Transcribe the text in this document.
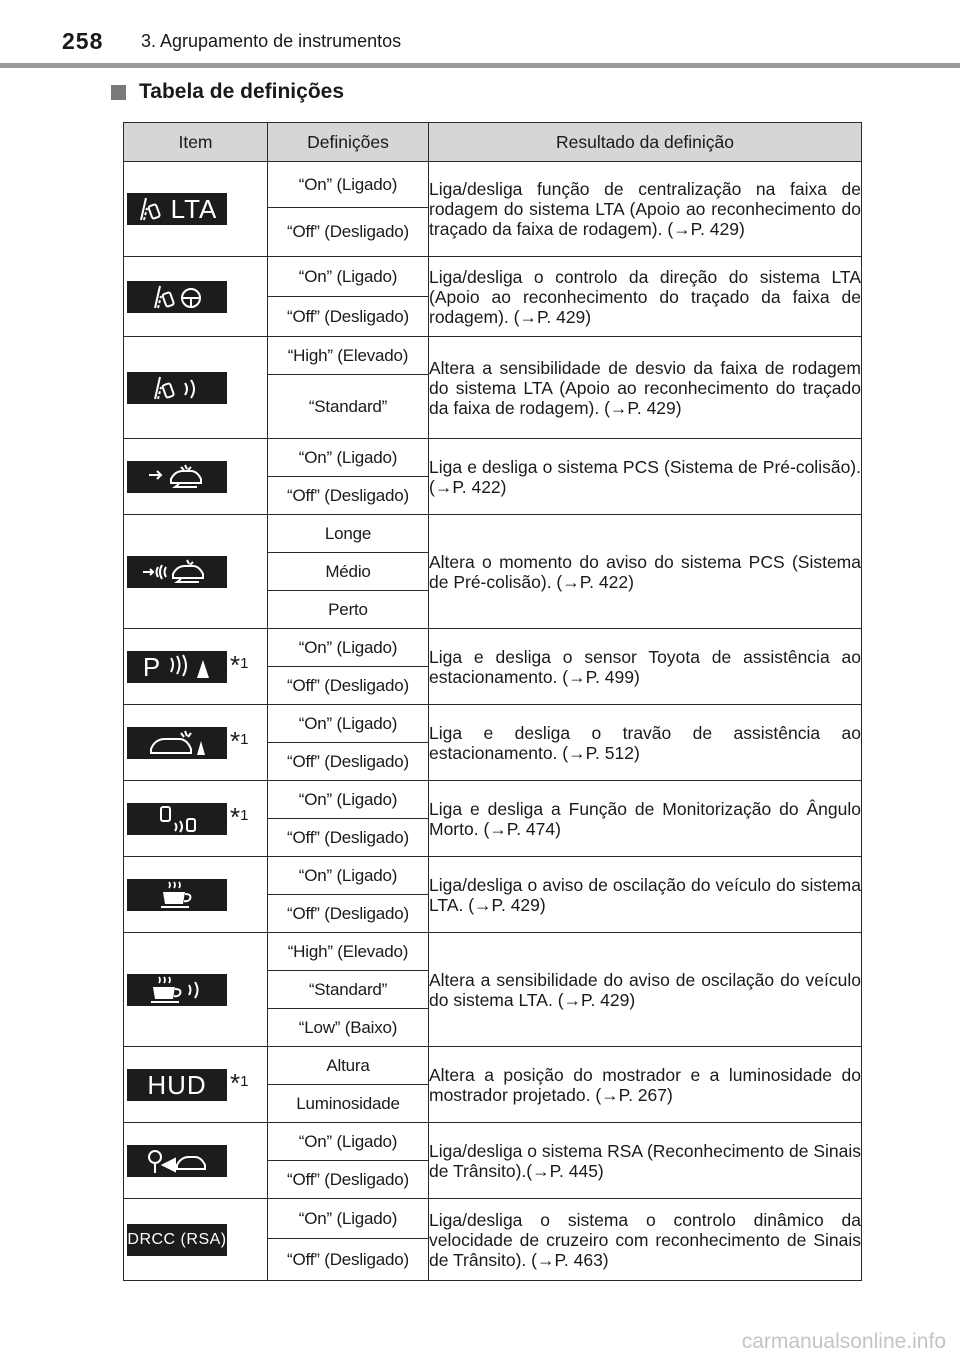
258 3. Agrupamento de instrumentos
Tabela de definições
Item	Definições	Resultado da definição

LTA	“On” (Ligado)	Liga/desliga função de centralização na faixa de rodagem do sistema LTA (Apoio ao reconhecimento do traçado da faixa de rodagem). (→P. 429)
	“Off” (Desligado)	

	“On” (Ligado)	Liga/desliga o controlo da direção do sistema LTA (Apoio ao reconhecimento do traçado da faixa de rodagem). (→P. 429)
	“Off” (Desligado)	

	“High” (Elevado)	Altera a sensibilidade de desvio da faixa de rodagem do sistema LTA (Apoio ao reconhecimento do traçado da faixa de rodagem). (→P. 429)
	“Standard”	

	“On” (Ligado)	Liga e desliga o sistema PCS (Sistema de Pré-colisão). (→P. 422)
	“Off” (Desligado)	

	Longe	Altera o momento do aviso do sistema PCS (Sistema de Pré-colisão). (→P. 422)
	Médio	
	Perto	

P *1	“On” (Ligado)	Liga e desliga o sensor Toyota de assistência ao estacionamento. (→P. 499)
	“Off” (Desligado)	

*1	“On” (Ligado)	Liga e desliga o travão de assistência ao estacionamento. (→P. 512)
	“Off” (Desligado)	

*1	“On” (Ligado)	Liga e desliga a Função de Monitorização do Ângulo Morto. (→P. 474)
	“Off” (Desligado)	

	“On” (Ligado)	Liga/desliga o aviso de oscilação do veículo do sistema LTA. (→P. 429)
	“Off” (Desligado)	

	“High” (Elevado)	Altera a sensibilidade do aviso de oscilação do veículo do sistema LTA. (→P. 429)
	“Standard”	
	“Low” (Baixo)	

HUD *1	Altura	Altera a posição do mostrador e a luminosidade do mostrador projetado. (→P. 267)
	Luminosidade	

	“On” (Ligado)	Liga/desliga o sistema RSA (Reconhecimento de Sinais de Trânsito).(→P. 445)
	“Off” (Desligado)	

DRCC (RSA)	“On” (Ligado)	Liga/desliga o sistema o controlo dinâmico da velocidade de cruzeiro com reconhecimento de Sinais de Trânsito). (→P. 463)
	“Off” (Desligado)	
carmanualsonline.info
